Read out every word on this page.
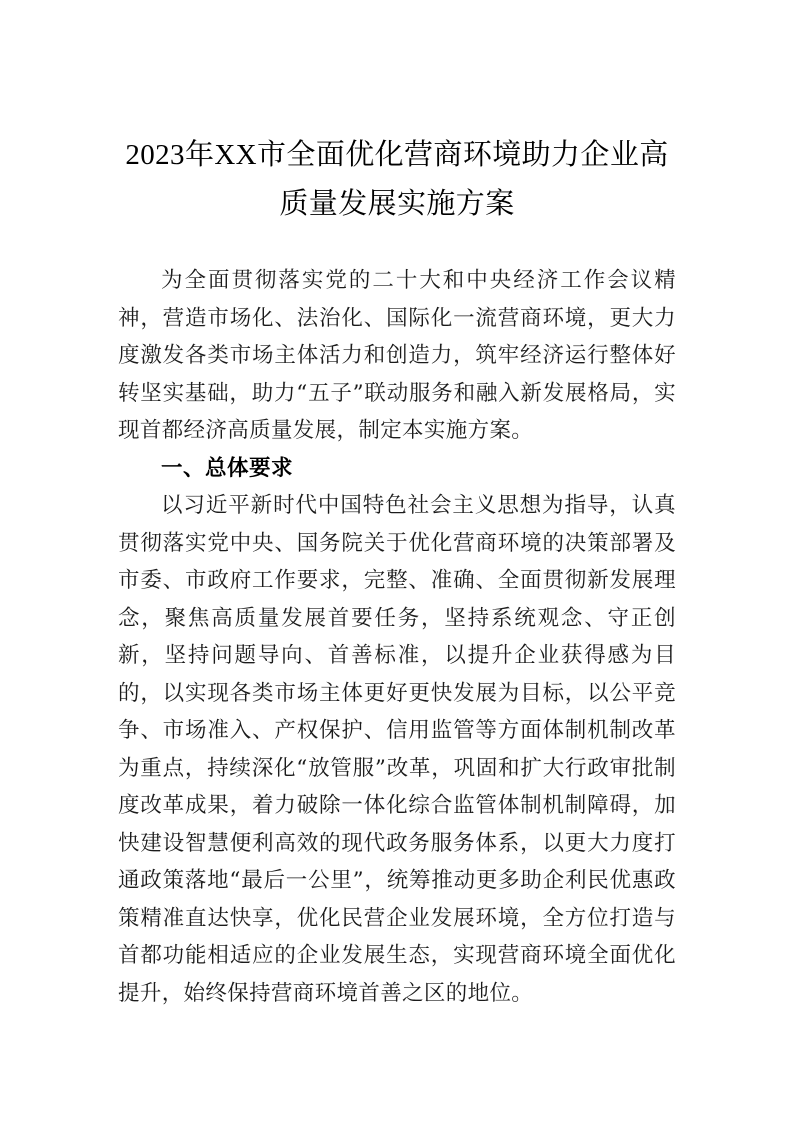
2023年XX市全面优化营商环境助力企业高
质量发展实施方案

为全面贯彻落实党的二十大和中央经济工作会议精神，营造市场化、法治化、国际化一流营商环境，更大力度激发各类市场主体活力和创造力，筑牢经济运行整体好转坚实基础，助力“五子”联动服务和融入新发展格局，实现首都经济高质量发展，制定本实施方案。

一、总体要求

以习近平新时代中国特色社会主义思想为指导，认真贯彻落实党中央、国务院关于优化营商环境的决策部署及市委、市政府工作要求，完整、准确、全面贯彻新发展理念，聚焦高质量发展首要任务，坚持系统观念、守正创新，坚持问题导向、首善标准，以提升企业获得感为目的，以实现各类市场主体更好更快发展为目标，以公平竞争、市场准入、产权保护、信用监管等方面体制机制改革为重点，持续深化“放管服”改革，巩固和扩大行政审批制度改革成果，着力破除一体化综合监管体制机制障碍，加快建设智慧便利高效的现代政务服务体系，以更大力度打通政策落地“最后一公里”，统筹推动更多助企利民优惠政策精准直达快享，优化民营企业发展环境，全方位打造与首都功能相适应的企业发展生态，实现营商环境全面优化提升，始终保持营商环境首善之区的地位。
